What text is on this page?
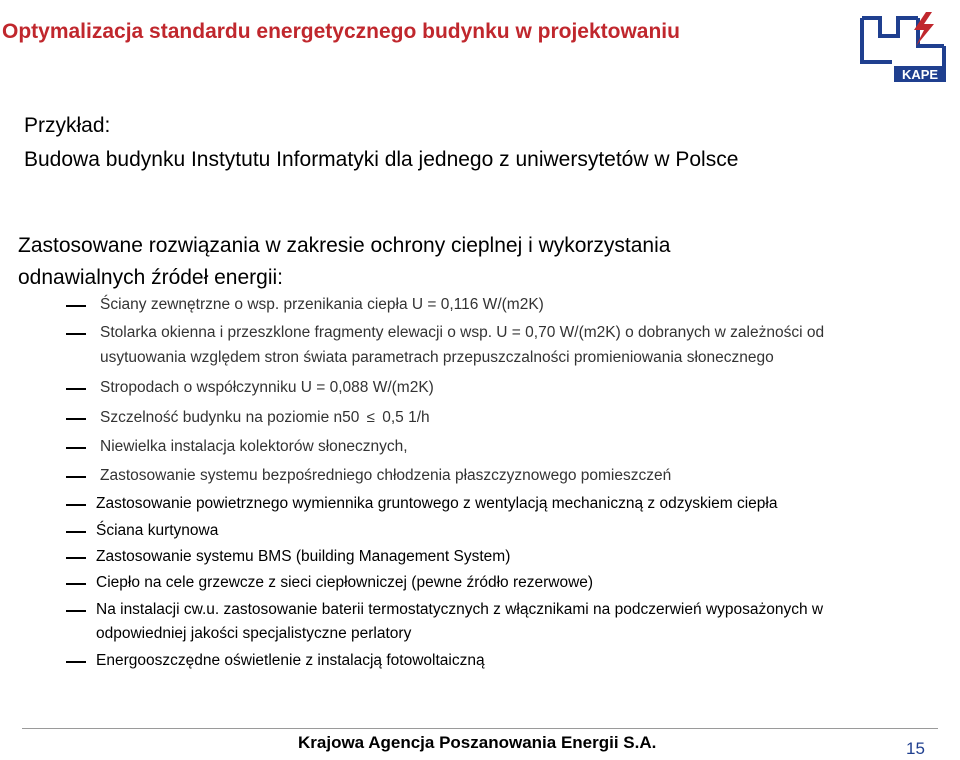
Optymalizacja standardu energetycznego budynku w projektowaniu
KAPE
Przykład:
Budowa budynku Instytutu Informatyki dla jednego z uniwersytetów w Polsce
Zastosowane rozwiązania w zakresie ochrony cieplnej i wykorzystania
odnawialnych źródeł energii:
Ściany zewnętrzne o wsp. przenikania ciepła U = 0,116 W/(m2K)
Stolarka okienna i przeszklone fragmenty elewacji o wsp. U = 0,70 W/(m2K) o dobranych w zależności od
usytuowania względem stron świata parametrach przepuszczalności promieniowania słonecznego
Stropodach o współczynniku U = 0,088 W/(m2K)
Szczelność budynku na poziomie n50 ≤ 0,5 1/h
Niewielka instalacja kolektorów słonecznych,
Zastosowanie systemu bezpośredniego chłodzenia płaszczyznowego pomieszczeń
Zastosowanie powietrznego wymiennika gruntowego z wentylacją mechaniczną z odzyskiem ciepła
Ściana kurtynowa
Zastosowanie systemu BMS (building Management System)
Ciepło na cele grzewcze z sieci ciepłowniczej (pewne źródło rezerwowe)
Na instalacji cw.u. zastosowanie baterii termostatycznych z włącznikami na podczerwień wyposażonych w
odpowiedniej jakości specjalistyczne perlatory
Energooszczędne oświetlenie z instalacją fotowoltaiczną
Krajowa Agencja Poszanowania Energii S.A.	15
